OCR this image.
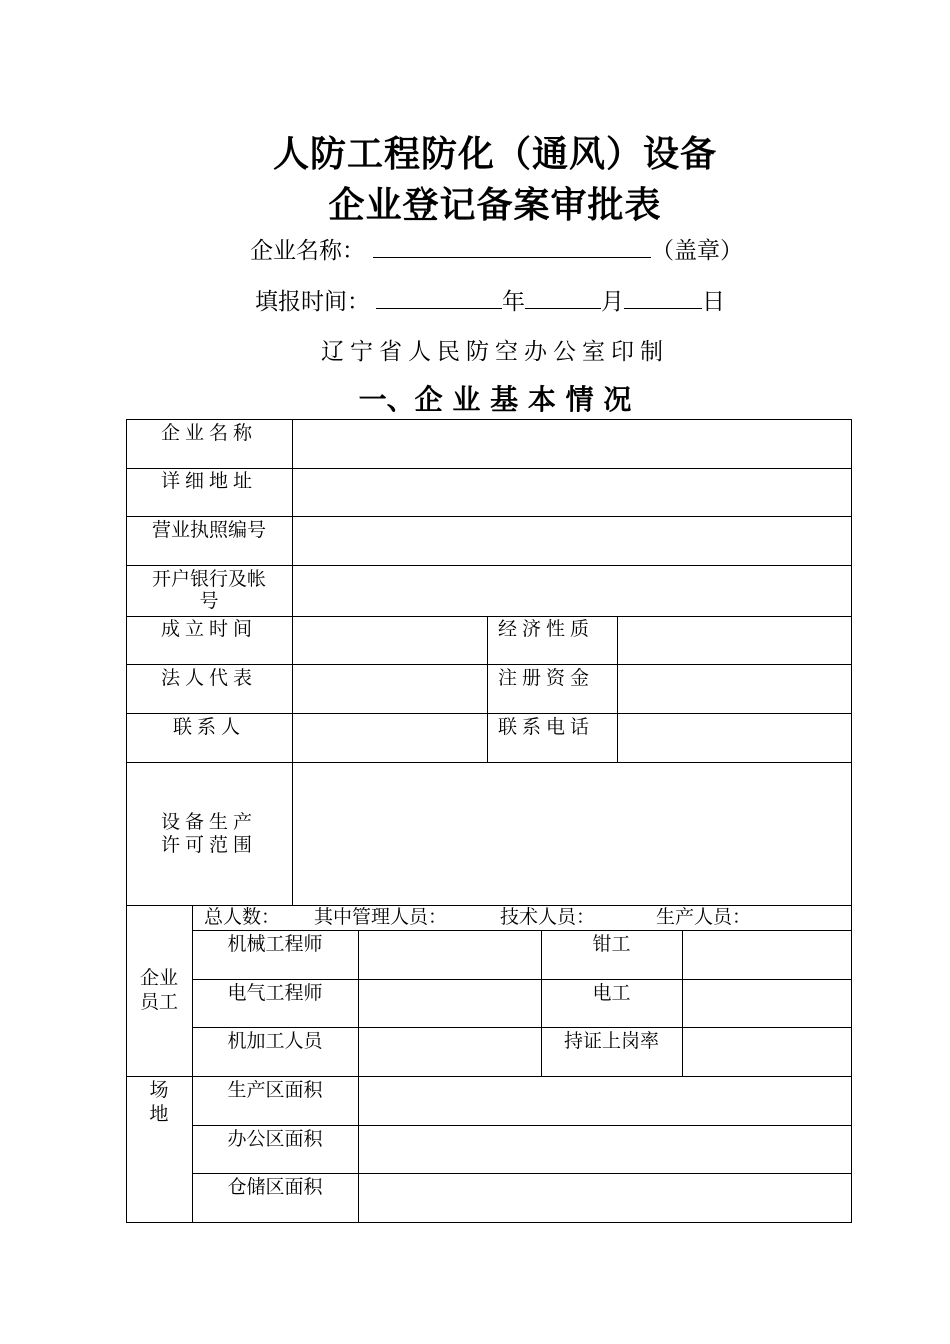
人防工程防化（通风）设备
企业登记备案审批表
企业名称：	（盖章）
填报时间：	年	月	日
辽宁省人民防空办公室印制
一、企 业 基 本 情 况
企业名称
详细地址
营业执照编号
开户银行及帐
号
成立时间	经济性质
法人代表	注册资金
联系人	联系电话
设备生产
许可范围
企业
员工
总人数： 其中管理人员：	技术人员：	生产人员：
机械工程师	钳工
电气工程师	电工
机加工人员	持证上岗率
场
地
生产区面积
办公区面积
仓储区面积
